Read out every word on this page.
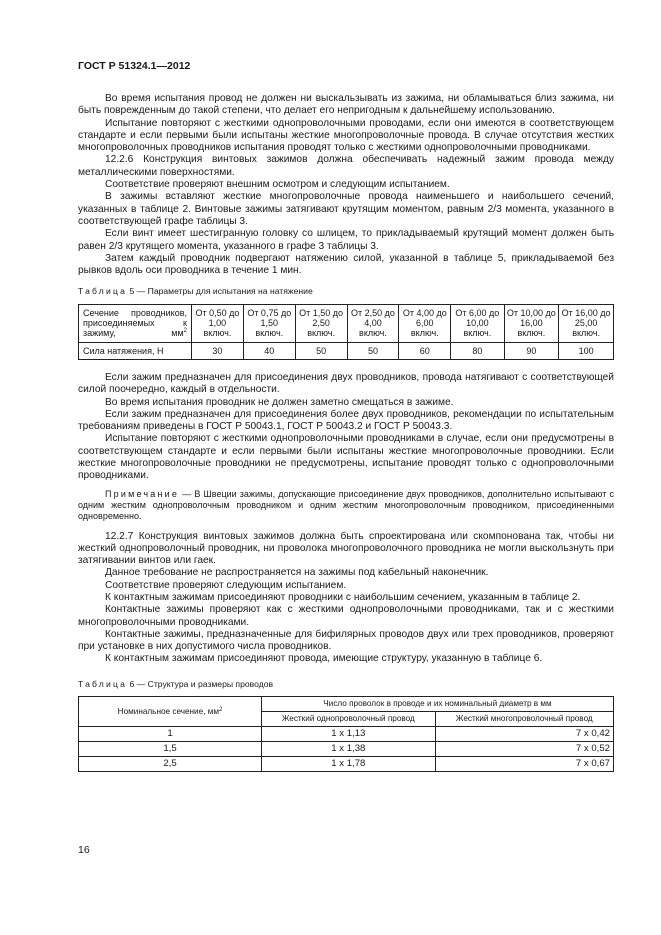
ГОСТ Р 51324.1—2012

Во время испытания провод не должен ни выскальзывать из зажима, ни обламываться близ зажима, ни быть поврежденным до такой степени, что делает его непригодным к дальнейшему использованию.

Испытание повторяют с жесткими однопроволочными проводами, если они имеются в соответствующем стандарте и если первыми были испытаны жесткие многопроволочные провода. В случае отсутствия жестких многопроволочных проводников испытания проводят только с жесткими однопроволочными проводниками.

12.2.6 Конструкция винтовых зажимов должна обеспечивать надежный зажим провода между металлическими поверхностями.

Соответствие проверяют внешним осмотром и следующим испытанием.

В зажимы вставляют жесткие многопроволочные провода наименьшего и наибольшего сечений, указанных в таблице 2. Винтовые зажимы затягивают крутящим моментом, равным 2/3 момента, указанного в соответствующей графе таблицы 3.

Если винт имеет шестигранную головку со шлицем, то прикладываемый крутящий момент должен быть равен 2/3 крутящего момента, указанного в графе 3 таблицы 3.

Затем каждый проводник подвергают натяжению силой, указанной в таблице 5, прикладываемой без рывков вдоль оси проводника в течение 1 мин.

Таблица 5 — Параметры для испытания на натяжение
Сечение проводников, присоединяемых к зажиму, $мм^2$	От 0,50 до 1,00 включ.	От 0,75 до 1,50 включ.	От 1,50 до 2,50 включ.	От 2,50 до 4,00 включ.	От 4,00 до 6,00 включ.	От 6,00 до 10,00 включ.	От 10,00 до 16,00 включ.	От 16,00 до 25,00 включ.
Сила натяжения, Н	30	40	50	50	60	80	90	100

Если зажим предназначен для присоединения двух проводников, провода натягивают с соответствующей силой поочередно, каждый в отдельности.

Во время испытания проводник не должен заметно смещаться в зажиме.

Если зажим предназначен для присоединения более двух проводников, рекомендации по испытательным требованиям приведены в ГОСТ Р 50043.1, ГОСТ Р 50043.2 и ГОСТ Р 50043.3.

Испытание повторяют с жесткими однопроволочными проводниками в случае, если они предусмотрены в соответствующем стандарте и если первыми были испытаны жесткие многопроволочные проводники. Если жесткие многопроволочные проводники не предусмотрены, испытание проводят только с однопроволочными проводниками.

Примечание — В Швеции зажимы, допускающие присоединение двух проводников, дополнительно испытывают с одним жестким однопроволочным проводником и одним жестким многопроволочным проводником, присоединенными одновременно.

12.2.7 Конструкция винтовых зажимов должна быть спроектирована или скомпонована так, чтобы ни жесткий однопроволочный проводник, ни проволока многопроволочного проводника не могли выскользнуть при затягивании винтов или гаек.

Данное требование не распространяется на зажимы под кабельный наконечник.

Соответствие проверяют следующим испытанием.

К контактным зажимам присоединяют проводники с наибольшим сечением, указанным в таблице 2.

Контактные зажимы проверяют как с жесткими однопроволочными проводниками, так и с жесткими многопроволочными проводниками.

Контактные зажимы, предназначенные для бифилярных проводов двух или трех проводников, проверяют при установке в них допустимого числа проводников.

К контактным зажимам присоединяют провода, имеющие структуру, указанную в таблице 6.

Таблица 6 — Структура и размеры проводов
Номинальное сечение, $мм^2$	Число проволок в проводе и их номинальный диаметр в мм	
	Жесткий однопроволочный провод	Жесткий многопроволочный провод
1	1 x 1,13	7 x 0,42
1,5	1 x 1,38	7 x 0,52
2,5	1 x 1,78	7 x 0,67
16
